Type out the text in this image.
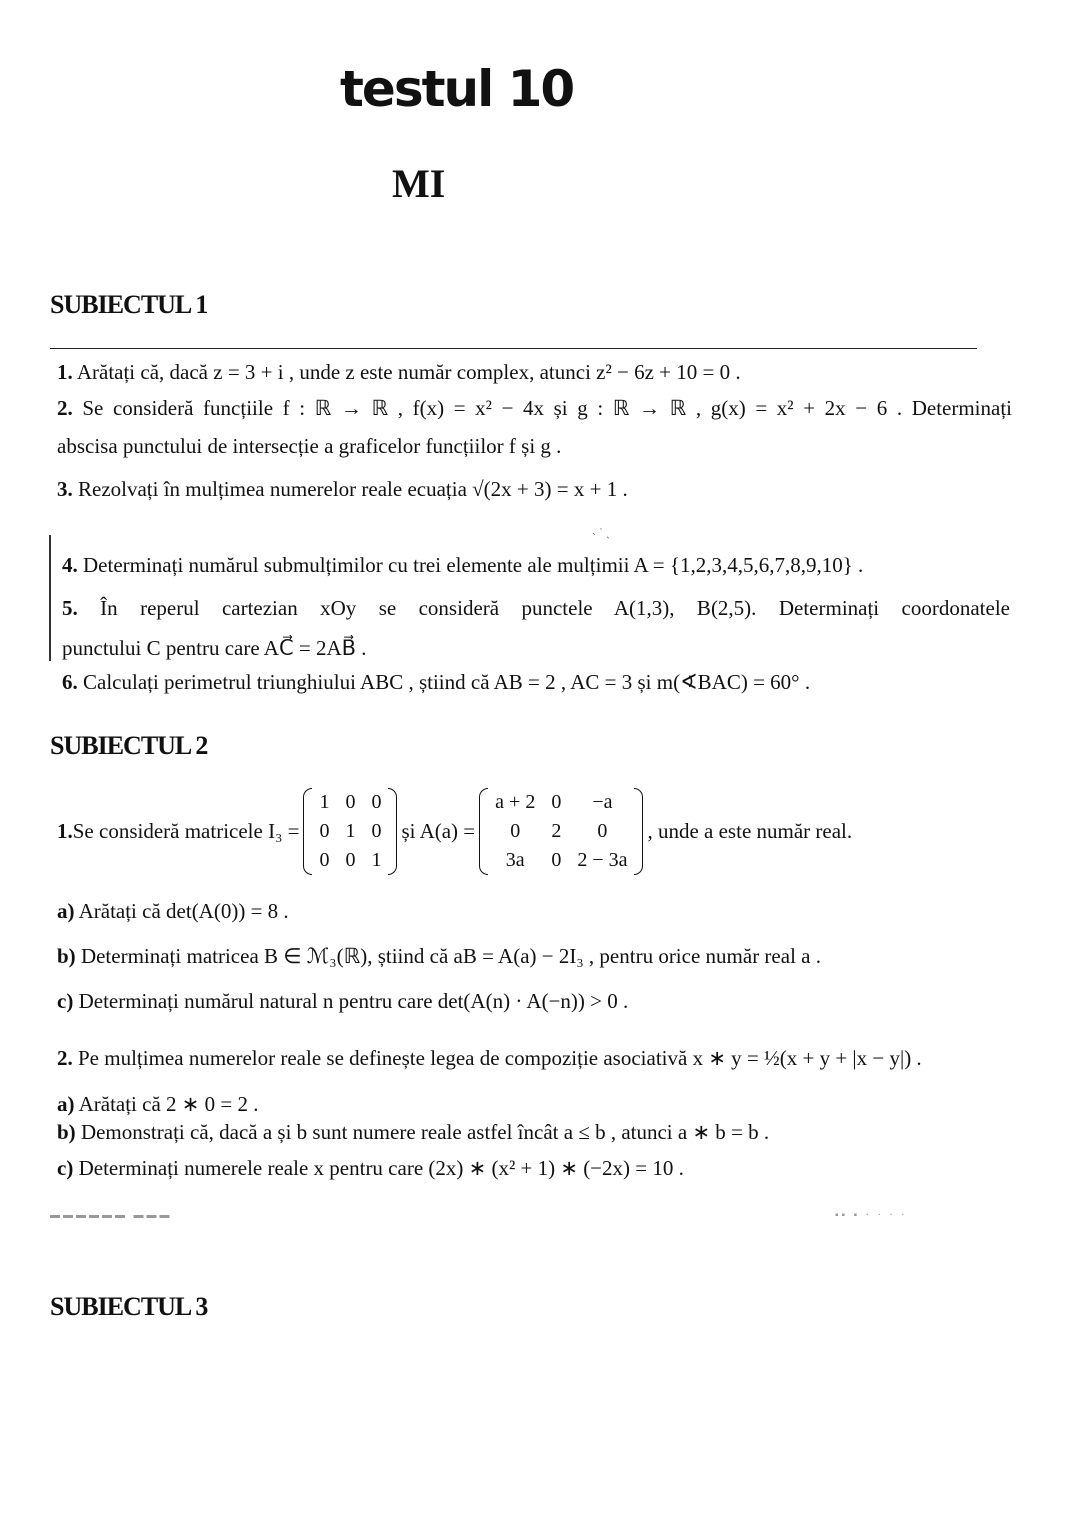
testul 10
MI
SUBIECTUL 1
1. Arătați că, dacă z = 3 + i , unde z este număr complex, atunci z² − 6z + 10 = 0 .
2. Se consideră funcțiile f : ℝ → ℝ , f(x) = x² − 4x și g : ℝ → ℝ , g(x) = x² + 2x − 6 . Determinați
abscisa punctului de intersecție a graficelor funcțiilor f și g .
3. Rezolvați în mulțimea numerelor reale ecuația √(2x + 3) = x + 1 .
˴ ˙ ˏ
4. Determinați numărul submulțimilor cu trei elemente ale mulțimii A = {1,2,3,4,5,6,7,8,9,10} .
5. În reperul cartezian xOy se consideră punctele A(1,3), B(2,5). Determinați coordonatele
punctului C pentru care AC⃗ = 2AB⃗ .
6. Calculați perimetrul triunghiului ABC , știind că AB = 2 , AC = 3 și m(∢BAC) = 60° .
SUBIECTUL 2
1. Se consideră matricele I₃ =
1	0	0
0	1	0
0	0	1
și A(a) =
a + 2	0	−a
0	2	0
3a	0	2 − 3a
, unde a este număr real.
a) Arătați că det(A(0)) = 8 .
b) Determinați matricea B ∈ ℳ₃(ℝ), știind că aB = A(a) − 2I₃ , pentru orice număr real a .
c) Determinați numărul natural n pentru care det(A(n) · A(−n)) > 0 .
2. Pe mulțimea numerelor reale se definește legea de compoziție asociativă x ∗ y = ½(x + y + |x − y|) .
a) Arătați că 2 ∗ 0 = 2 .
b) Demonstrați că, dacă a și b sunt numere reale astfel încât a ≤ b , atunci a ∗ b = b .
c) Determinați numerele reale x pentru care (2x) ∗ (x² + 1) ∗ (−2x) = 10 .
▬▬▬▬▬▬ ▬▬▬	▪▪ ▪ · · · ·
SUBIECTUL 3
